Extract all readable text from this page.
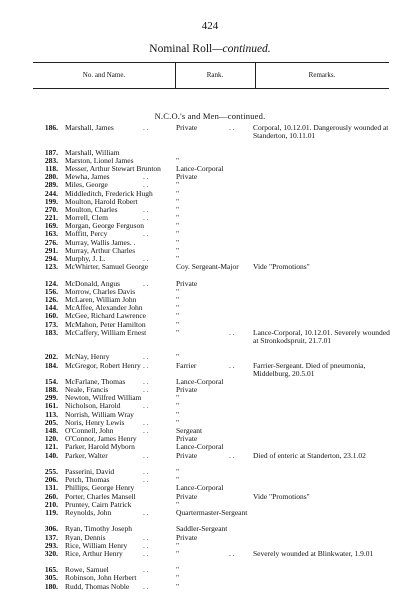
424
Nominal Roll—continued.
No. and Name.	Rank.	Remarks.
N.C.O.'s and Men—continued.
186. Marshall, James	. .	Private	. . Corporal, 10.12.01. Dangerously wounded at Standerton, 10.11.01
187. Marshall, William
283. Marston, Lionel James	"
118. Messer, Arthur Stewart Brunton	Lance-Corporal
280. Mewha, James	. .	Private
289. Miles, George	. .	"
244. Middleditch, Frederick Hugh	"
199. Moulton, Harold Robert	"
270. Moulton, Charles	. .	"
221. Morrell, Clem	. .	"
169. Morgan, George Ferguson	"
163. Moffitt, Percy	. .	"
276. Murray, Wallis James. .	"
291. Murray, Arthur Charles	"
294. Murphy, J. L.	. .	"
123. McWhirter, Samuel George	Coy. Sergeant-Major	Vide "Promotions"
124. McDonald, Angus	. .	Private
156. Morrow, Charles Davis	"
126. McLaren, William John	"
144. McAffee, Alexander John	"
160. McGee, Richard Lawrence	"
173. McMahon, Peter Hamilton	"
183. McCaffery, William Ernest	"	. . Lance-Corporal, 10.12.01. Severely wounded at Stronkodspruit, 21.7.01
202. McNay, Henry	. .	"
184. McGregor, Robert Henry . .	Farrier	. . Farrier-Sergeant. Died of pneumonia, Middelburg, 20.5.01
154. McFarlane, Thomas	. .	Lance-Corporal
188. Neale, Francis	. .	Private
299. Newton, Wilfred William	"
161. Nicholson, Harold	. .	"
113. Norrish, William Wray	"
205. Noris, Henry Lewis	. .	"
148. O'Connell, John	. .	Sergeant
120. O'Connor, James Henry	Private
121. Parker, Harold Myborn	Lance-Corporal
140. Parker, Walter	. .	Private	. . Died of enteric at Standerton, 23.1.02
255. Passerini, David	. .	"
206. Petch, Thomas	. .	"
131. Phillips, George Henry	Lance-Corporal
260. Porter, Charles Mansell	Private	Vide "Promotions"
210. Pruntey, Cairn Patrick	"
119. Reynolds, John	. .	Quartermaster-Sergeant
306. Ryan, Timothy Joseph	Saddler-Sergeant
137. Ryan, Dennis	. .	Private
293. Rice, William Henry	. .	"
320. Rice, Arthur Henry	. .	"	. . Severely wounded at Blinkwater, 1.9.01
165. Rowe, Samuel	. .	"
305. Robinson, John Herbert	"
180. Rudd, Thomas Noble	. .	"
